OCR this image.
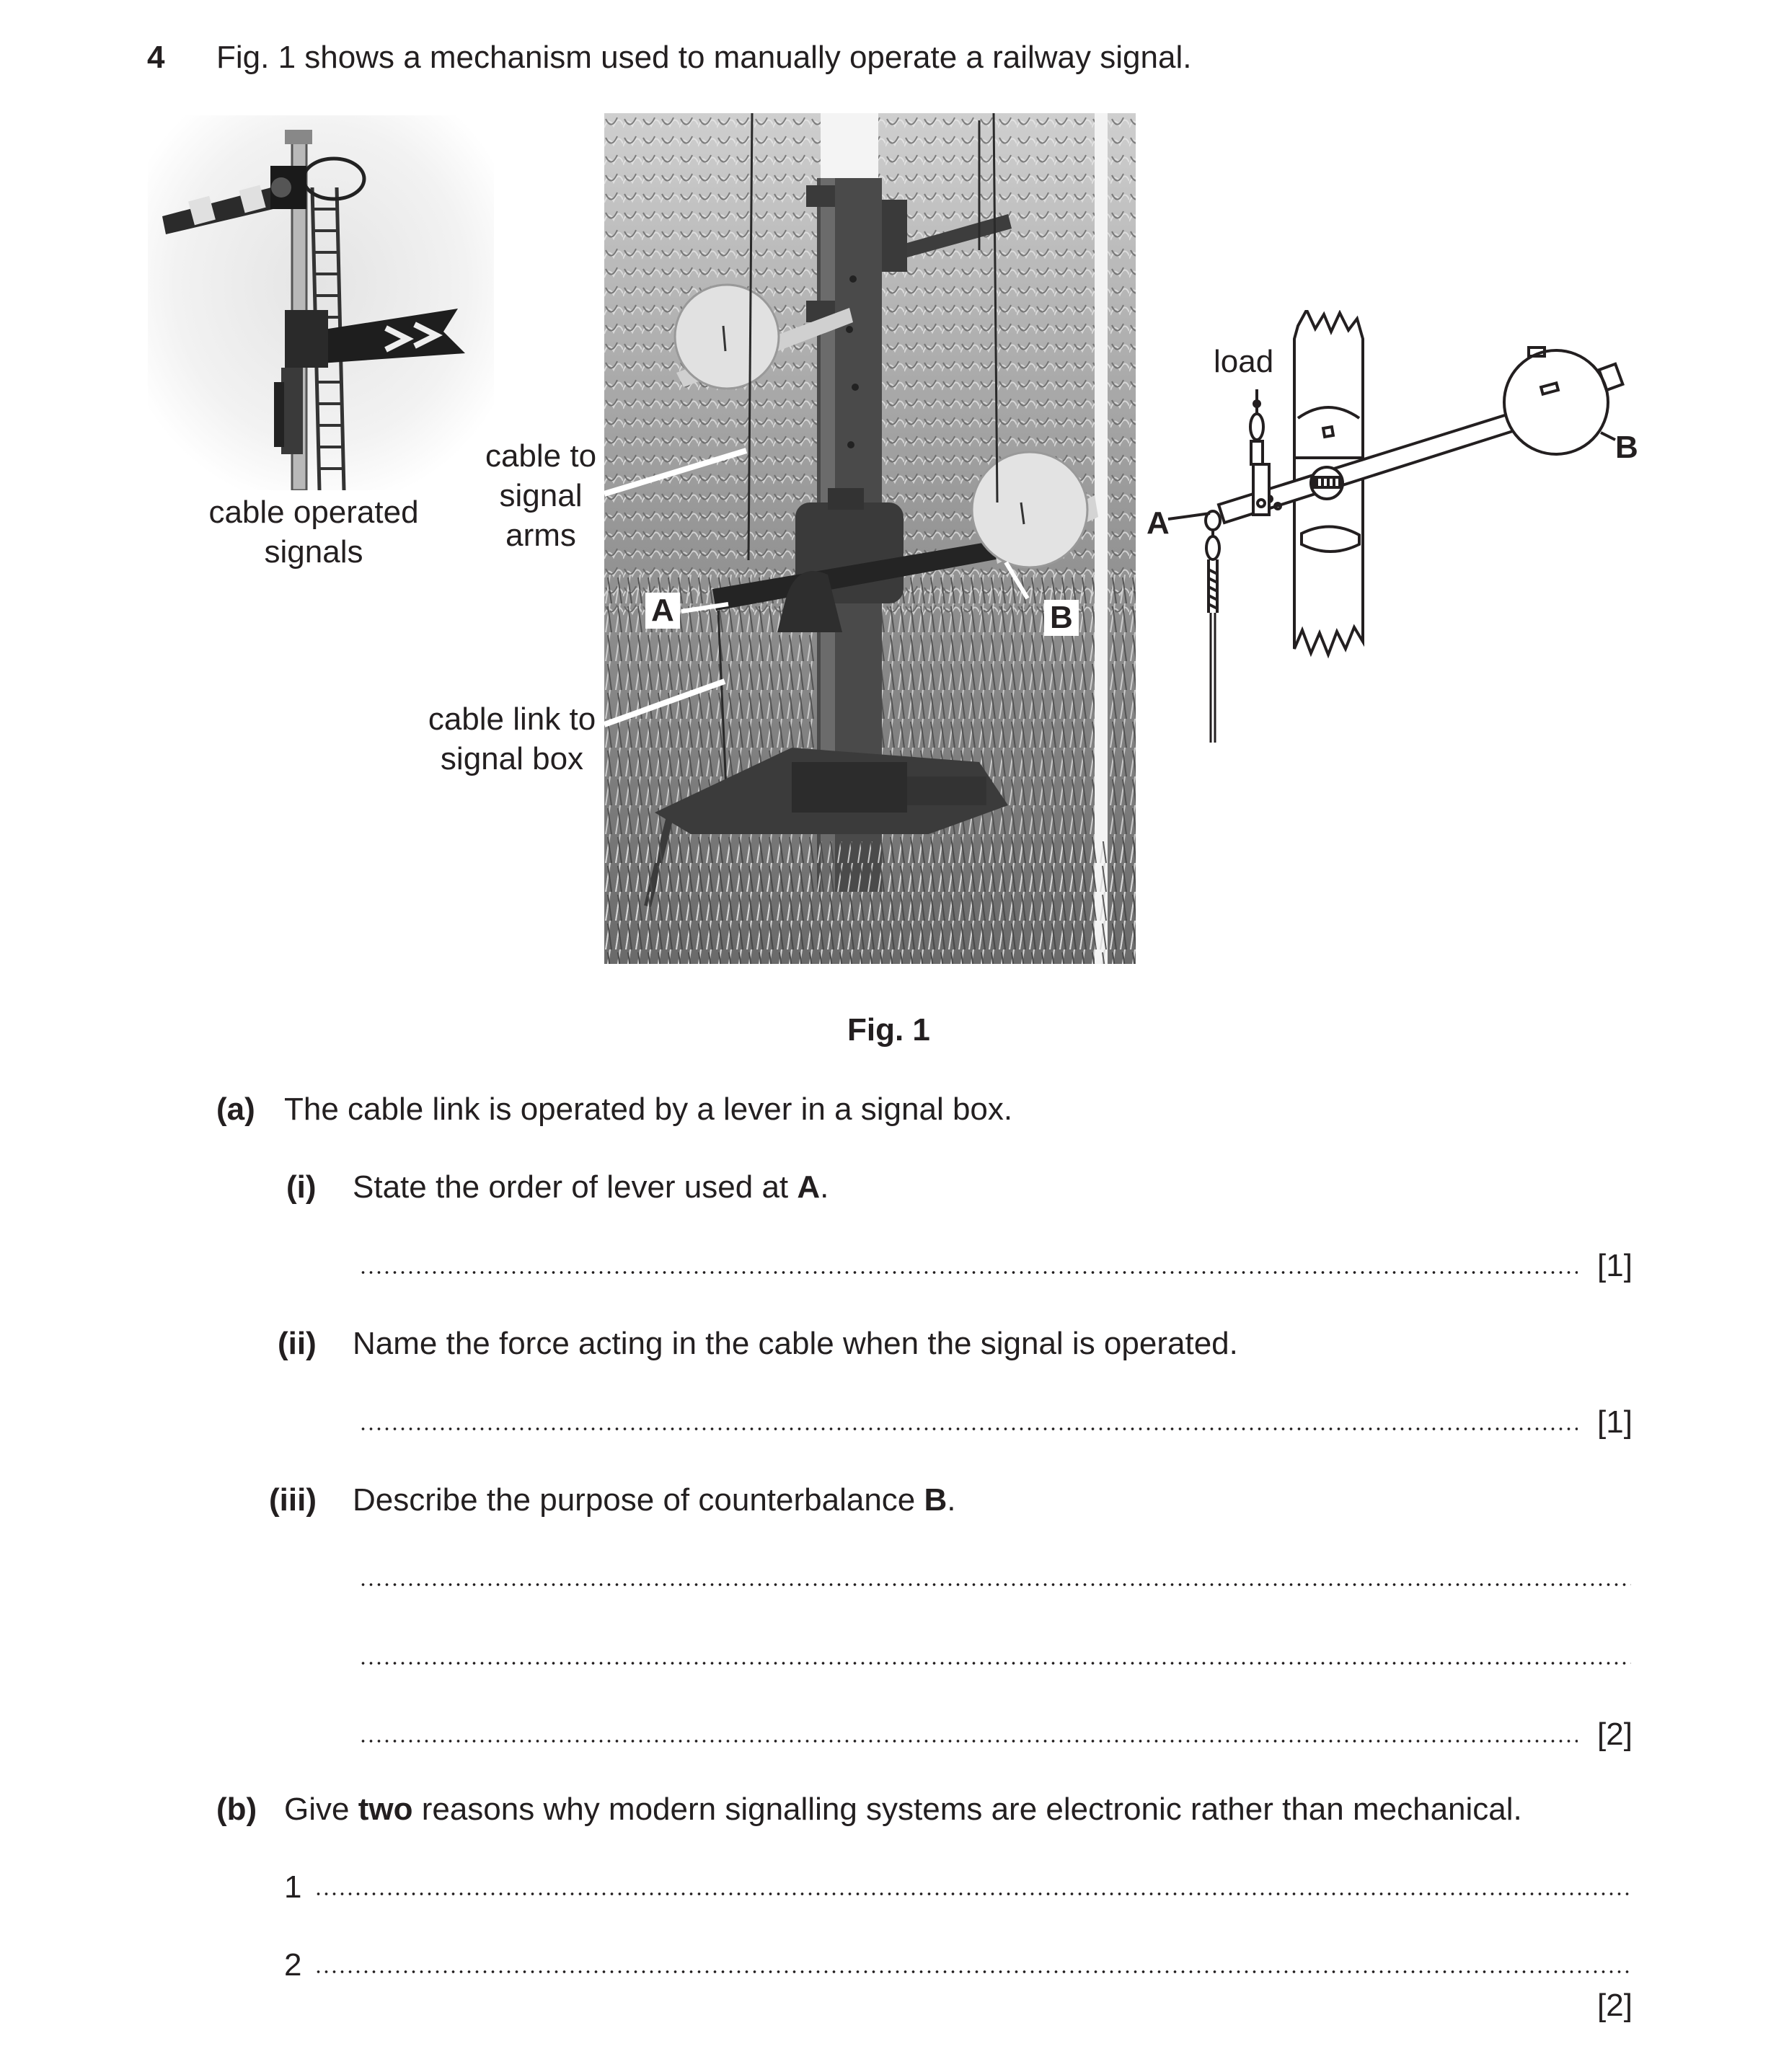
4 Fig. 1 shows a mechanism used to manually operate a railway signal.
cable operated
signals
A	B
cable to
signal
arms
cable link to
signal box
load
A
B
Fig. 1
(a) The cable link is operated by a lever in a signal box.
(i) State the order of lever used at A.
[1]
(ii) Name the force acting in the cable when the signal is operated.
[1]
(iii) Describe the purpose of counterbalance B.
[2]
(b) Give two reasons why modern signalling systems are electronic rather than mechanical.
1
2
[2]
